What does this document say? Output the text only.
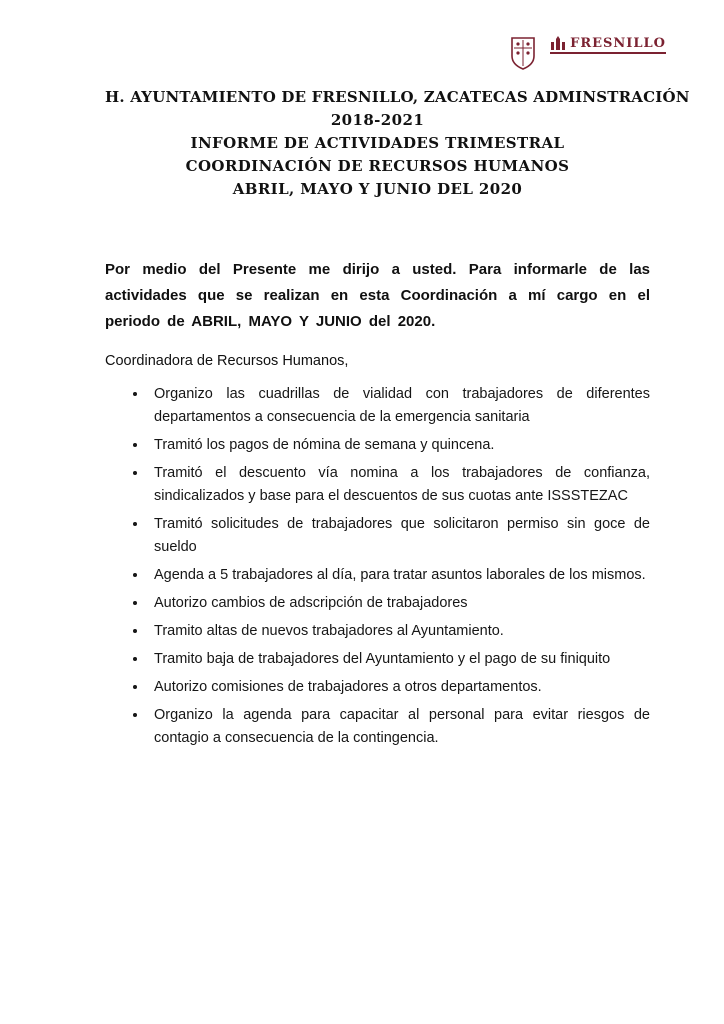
FRESNILLO
H. AYUNTAMIENTO DE FRESNILLO, ZACATECAS ADMINSTRACIÓN
2018-2021
INFORME DE ACTIVIDADES TRIMESTRAL
COORDINACIÓN DE RECURSOS HUMANOS
ABRIL, MAYO Y JUNIO DEL 2020

Por medio del Presente me dirijo a usted. Para informarle de las actividades que se realizan en esta Coordinación a mí cargo en el periodo de ABRIL, MAYO Y JUNIO del 2020.

Coordinadora de Recursos Humanos,
• Organizo las cuadrillas de vialidad con trabajadores de diferentes departamentos a consecuencia de la emergencia sanitaria
• Tramitó los pagos de nómina de semana y quincena.
• Tramitó el descuento vía nomina a los trabajadores de confianza, sindicalizados y base para el descuentos de sus cuotas ante ISSSTEZAC
• Tramitó solicitudes de trabajadores que solicitaron permiso sin goce de sueldo
• Agenda a 5 trabajadores al día, para tratar asuntos laborales de los mismos.
• Autorizo cambios de adscripción de trabajadores
• Tramito altas de nuevos trabajadores al Ayuntamiento.
• Tramito baja de trabajadores del Ayuntamiento y el pago de su finiquito
• Autorizo comisiones de trabajadores a otros departamentos.
• Organizo la agenda para capacitar al personal para evitar riesgos de contagio a consecuencia de la contingencia.
